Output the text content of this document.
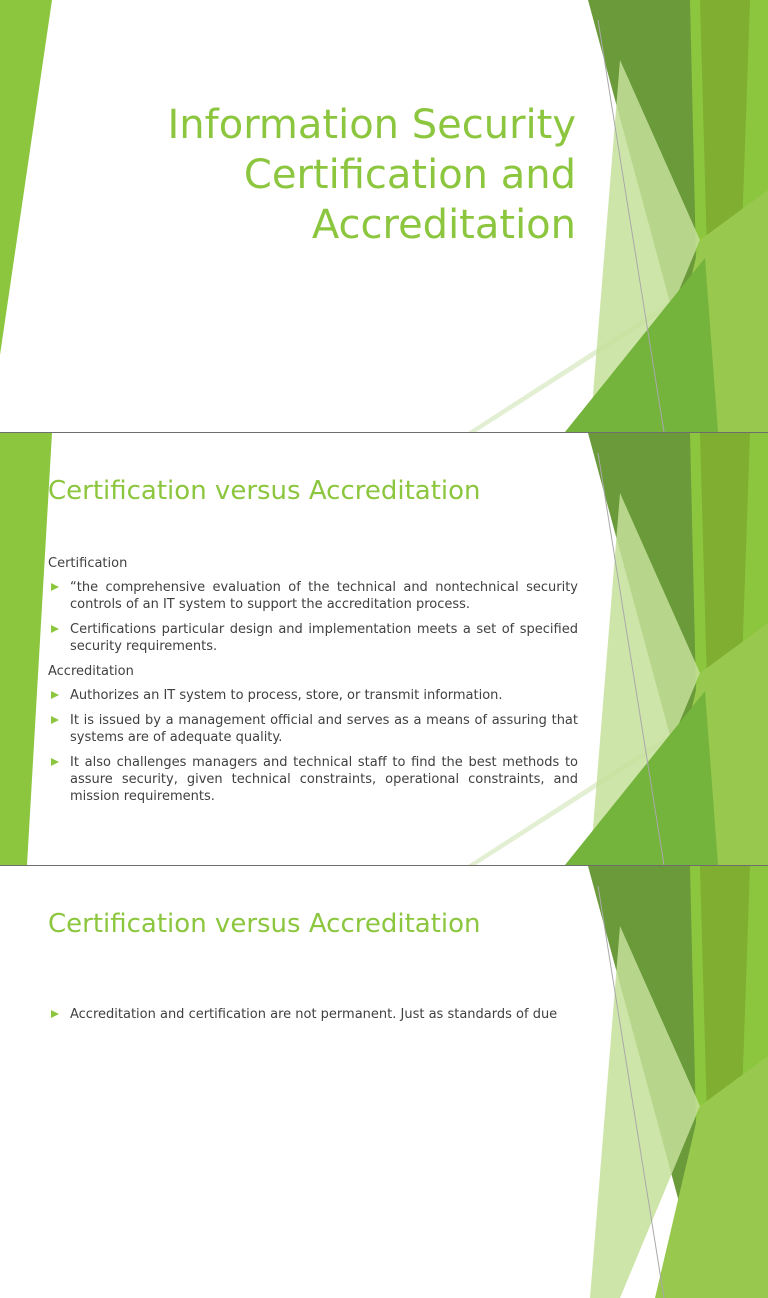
Information Security
Certification and
Accreditation
Certification versus Accreditation

Certification

“the comprehensive evaluation of the technical and nontechnical security controls of an IT system to support the accreditation process.
Certifications particular design and implementation meets a set of specified security requirements.

Accreditation

Authorizes an IT system to process, store, or transmit information.
It is issued by a management official and serves as a means of assuring that systems are of adequate quality.
It also challenges managers and technical staff to find the best methods to assure security, given technical constraints, operational constraints, and mission requirements.
Certification versus Accreditation
Accreditation and certification are not permanent. Just as standards of due
